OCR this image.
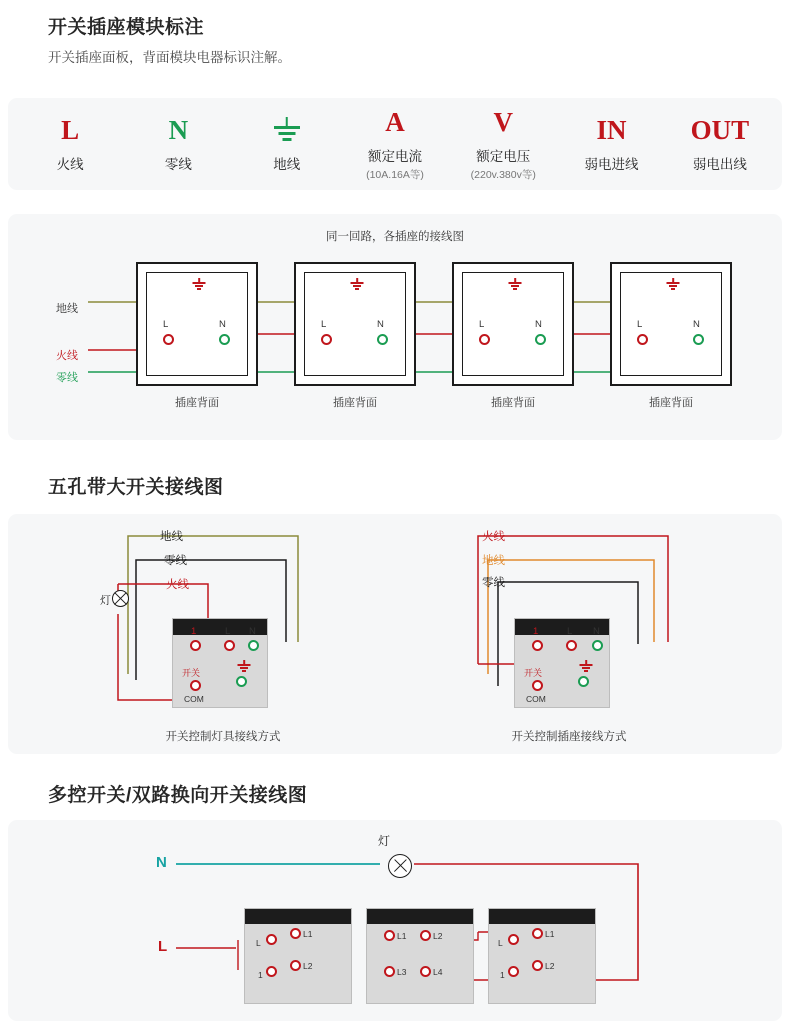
开关插座模块标注
开关插座面板，背面模块电器标识注解。
L
火线
N
零线	地线
A
额定电流
(10A.16A等)
V
额定电压
(220v.380v等)
IN
弱电进线
OUT
弱电出线
同一回路，各插座的接线图
地线
火线
零线
L	N
插座背面
L	N
插座背面
L	N
插座背面
L	N
插座背面
五孔带大开关接线图
地线
零线
火线
灯
1	L N
开关
COM
开关控制灯具接线方式
火线
地线
零线
1	L N
开关
COM
开关控制插座接线方式
多控开关/双路换向开关接线图
灯
N
L	L
L1
1
L2
L1	L2
L3	L4
L
L1
1
L2
